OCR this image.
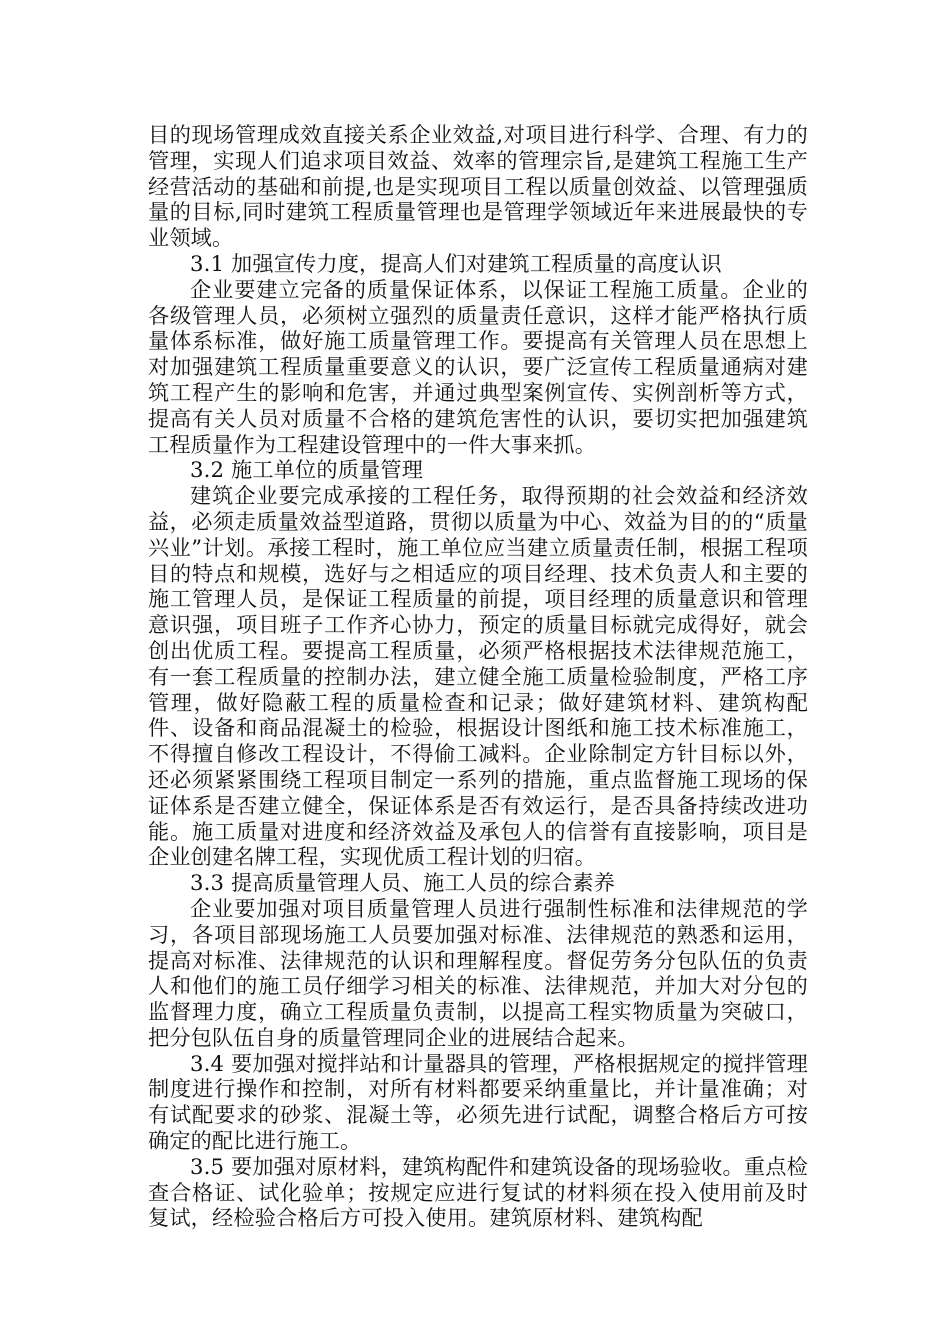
目的现场管理成效直接关系企业效益,对项目进行科学、合理、有力的管理，实现人们追求项目效益、效率的管理宗旨,是建筑工程施工生产经营活动的基础和前提,也是实现项目工程以质量创效益、以管理强质量的目标,同时建筑工程质量管理也是管理学领域近年来进展最快的专业领域。

3.1 加强宣传力度，提高人们对建筑工程质量的高度认识

企业要建立完备的质量保证体系，以保证工程施工质量。企业的各级管理人员，必须树立强烈的质量责任意识，这样才能严格执行质量体系标准，做好施工质量管理工作。要提高有关管理人员在思想上对加强建筑工程质量重要意义的认识，要广泛宣传工程质量通病对建筑工程产生的影响和危害，并通过典型案例宣传、实例剖析等方式，提高有关人员对质量不合格的建筑危害性的认识，要切实把加强建筑工程质量作为工程建设管理中的一件大事来抓。

3.2 施工单位的质量管理

建筑企业要完成承接的工程任务，取得预期的社会效益和经济效益，必须走质量效益型道路，贯彻以质量为中心、效益为目的的“质量兴业”计划。承接工程时，施工单位应当建立质量责任制，根据工程项目的特点和规模，选好与之相适应的项目经理、技术负责人和主要的施工管理人员，是保证工程质量的前提，项目经理的质量意识和管理意识强，项目班子工作齐心协力，预定的质量目标就完成得好，就会创出优质工程。要提高工程质量，必须严格根据技术法律规范施工，有一套工程质量的控制办法，建立健全施工质量检验制度，严格工序管理，做好隐蔽工程的质量检查和记录；做好建筑材料、建筑构配件、设备和商品混凝土的检验，根据设计图纸和施工技术标准施工，不得擅自修改工程设计，不得偷工减料。企业除制定方针目标以外，还必须紧紧围绕工程项目制定一系列的措施，重点监督施工现场的保证体系是否建立健全，保证体系是否有效运行，是否具备持续改进功能。施工质量对进度和经济效益及承包人的信誉有直接影响，项目是企业创建名牌工程，实现优质工程计划的归宿。

3.3 提高质量管理人员、施工人员的综合素养

企业要加强对项目质量管理人员进行强制性标准和法律规范的学习，各项目部现场施工人员要加强对标准、法律规范的熟悉和运用，提高对标准、法律规范的认识和理解程度。督促劳务分包队伍的负责人和他们的施工员仔细学习相关的标准、法律规范，并加大对分包的监督理力度，确立工程质量负责制，以提高工程实物质量为突破口，把分包队伍自身的质量管理同企业的进展结合起来。

3.4 要加强对搅拌站和计量器具的管理，严格根据规定的搅拌管理制度进行操作和控制，对所有材料都要采纳重量比，并计量准确；对有试配要求的砂浆、混凝土等，必须先进行试配，调整合格后方可按确定的配比进行施工。

3.5 要加强对原材料，建筑构配件和建筑设备的现场验收。重点检查合格证、试化验单；按规定应进行复试的材料须在投入使用前及时复试，经检验合格后方可投入使用。建筑原材料、建筑构配
